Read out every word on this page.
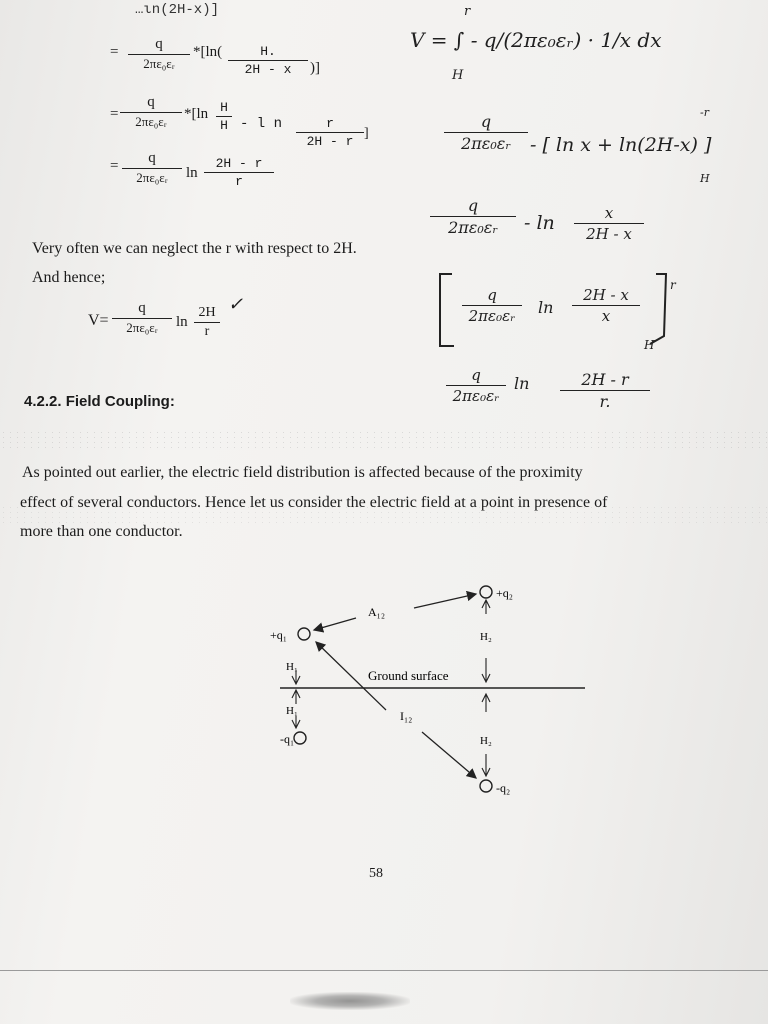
…ιn(2H-x)]
=	q
2πε₀εᵣ
*[ln(	H.
2H - x	)]
=
q
2πε₀εᵣ	*[ln H
H - l n	r
2H - r
]
=	q
2πε₀εᵣ	ln
2H - r
r
Very often we can neglect the r with respect to 2H.
And hence;
V=
q
2πε₀εᵣ	ln
2H
r
✓
4.2.2. Field Coupling:
As pointed out earlier, the electric field distribution is affected because of the proximity
effect of several conductors. Hence let us consider the electric field at a point in presence of
more than one conductor.
V = ∫ - q/(2πε₀εᵣ) · 1/x dx
r
H
q
2πε₀εᵣ	- [ ln x + ln(2H-x) ]
-r
H
q
2πε₀εᵣ	- ln	x
2H - x
q
2πε₀εᵣ	ln
2H - x
x
r
H
q
2πε₀εᵣ
ln	2H - r
r.
Ground surface
+q₁
-q₁
H₁
H₁
+q₂
-q₂
H₂
H₂
A₁₂
I₁₂
58
